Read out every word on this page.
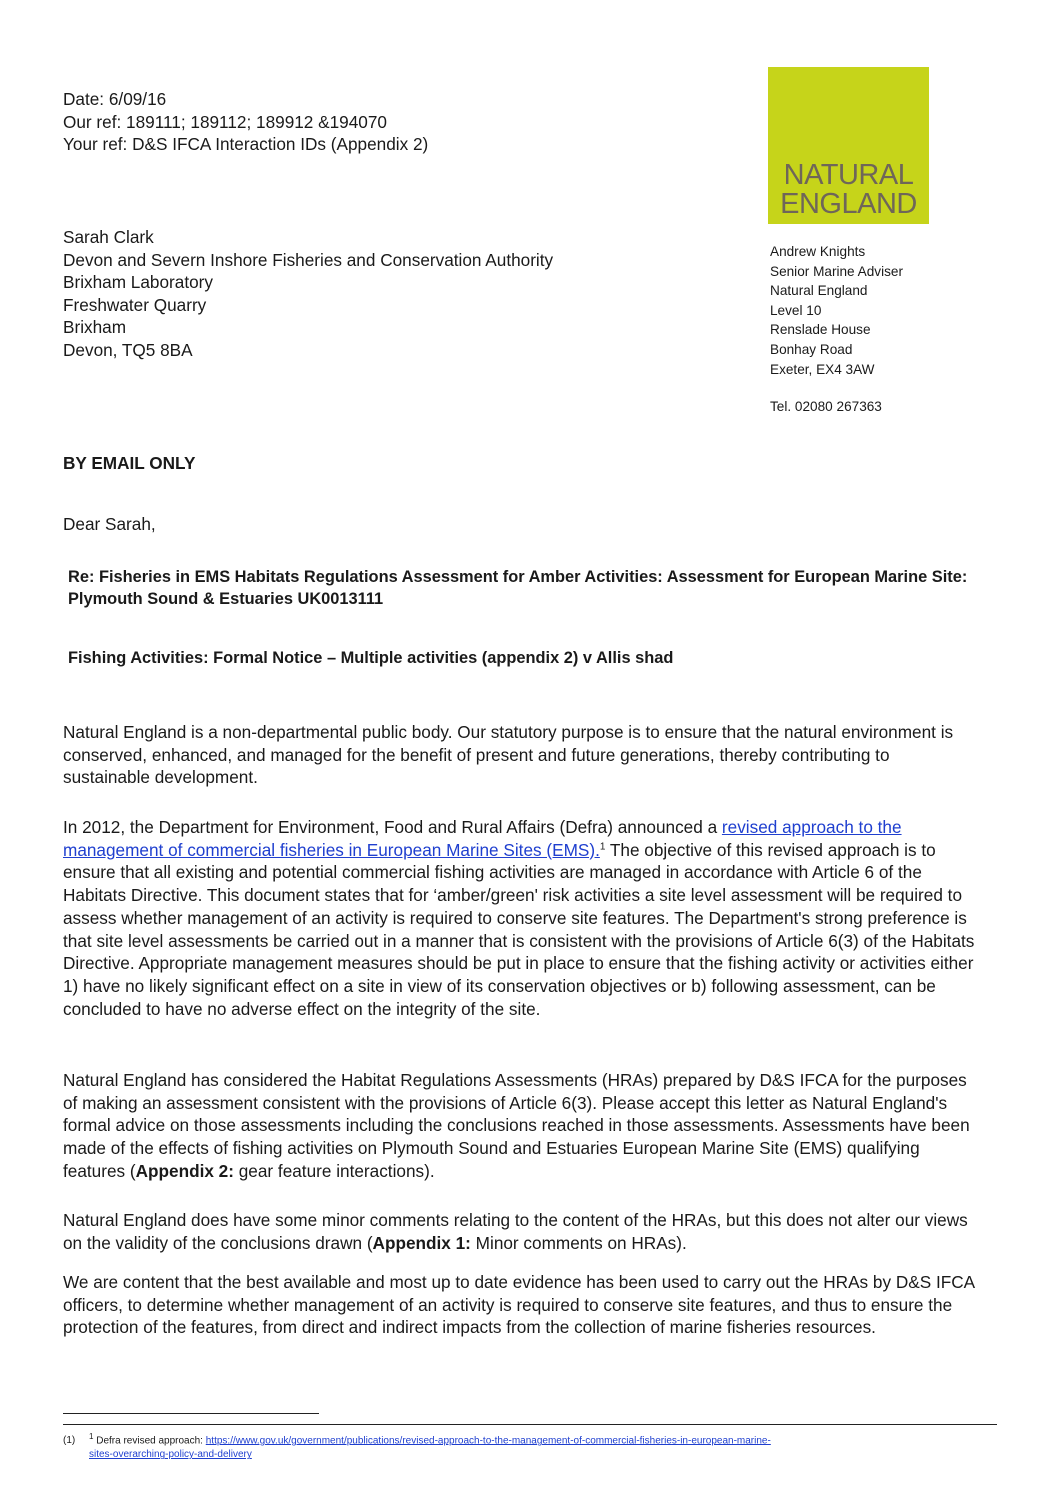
Date: 6/09/16
Our ref: 189111; 189112; 189912 &194070
Your ref: D&S IFCA Interaction IDs (Appendix 2)
NATURAL
ENGLAND
Sarah Clark
Devon and Severn Inshore Fisheries and Conservation Authority
Brixham Laboratory
Freshwater Quarry
Brixham
Devon, TQ5 8BA
Andrew Knights
Senior Marine Adviser
Natural England
Level 10
Renslade House
Bonhay Road
Exeter, EX4 3AW
Tel. 02080 267363
BY EMAIL ONLY
Dear Sarah,
Re: Fisheries in EMS Habitats Regulations Assessment for Amber Activities: Assessment for European Marine Site: Plymouth Sound & Estuaries UK0013111
Fishing Activities: Formal Notice – Multiple activities (appendix 2) v Allis shad
Natural England is a non-departmental public body. Our statutory purpose is to ensure that the natural environment is conserved, enhanced, and managed for the benefit of present and future generations, thereby contributing to sustainable development.
In 2012, the Department for Environment, Food and Rural Affairs (Defra) announced a revised approach to the management of commercial fisheries in European Marine Sites (EMS).$^1$ The objective of this revised approach is to ensure that all existing and potential commercial fishing activities are managed in accordance with Article 6 of the Habitats Directive. This document states that for ‘amber/green' risk activities a site level assessment will be required to assess whether management of an activity is required to conserve site features. The Department's strong preference is that site level assessments be carried out in a manner that is consistent with the provisions of Article 6(3) of the Habitats Directive. Appropriate management measures should be put in place to ensure that the fishing activity or activities either 1) have no likely significant effect on a site in view of its conservation objectives or b) following assessment, can be concluded to have no adverse effect on the integrity of the site.
Natural England has considered the Habitat Regulations Assessments (HRAs) prepared by D&S IFCA for the purposes of making an assessment consistent with the provisions of Article 6(3). Please accept this letter as Natural England's formal advice on those assessments including the conclusions reached in those assessments. Assessments have been made of the effects of fishing activities on Plymouth Sound and Estuaries European Marine Site (EMS) qualifying features (Appendix 2: gear feature interactions).
Natural England does have some minor comments relating to the content of the HRAs, but this does not alter our views on the validity of the conclusions drawn (Appendix 1: Minor comments on HRAs).
We are content that the best available and most up to date evidence has been used to carry out the HRAs by D&S IFCA officers, to determine whether management of an activity is required to conserve site features, and thus to ensure the protection of the features, from direct and indirect impacts from the collection of marine fisheries resources.
(1) $^1$ Defra revised approach: https://www.gov.uk/government/publications/revised-approach-to-the-management-of-commercial-fisheries-in-european-marine-
sites-overarching-policy-and-delivery
